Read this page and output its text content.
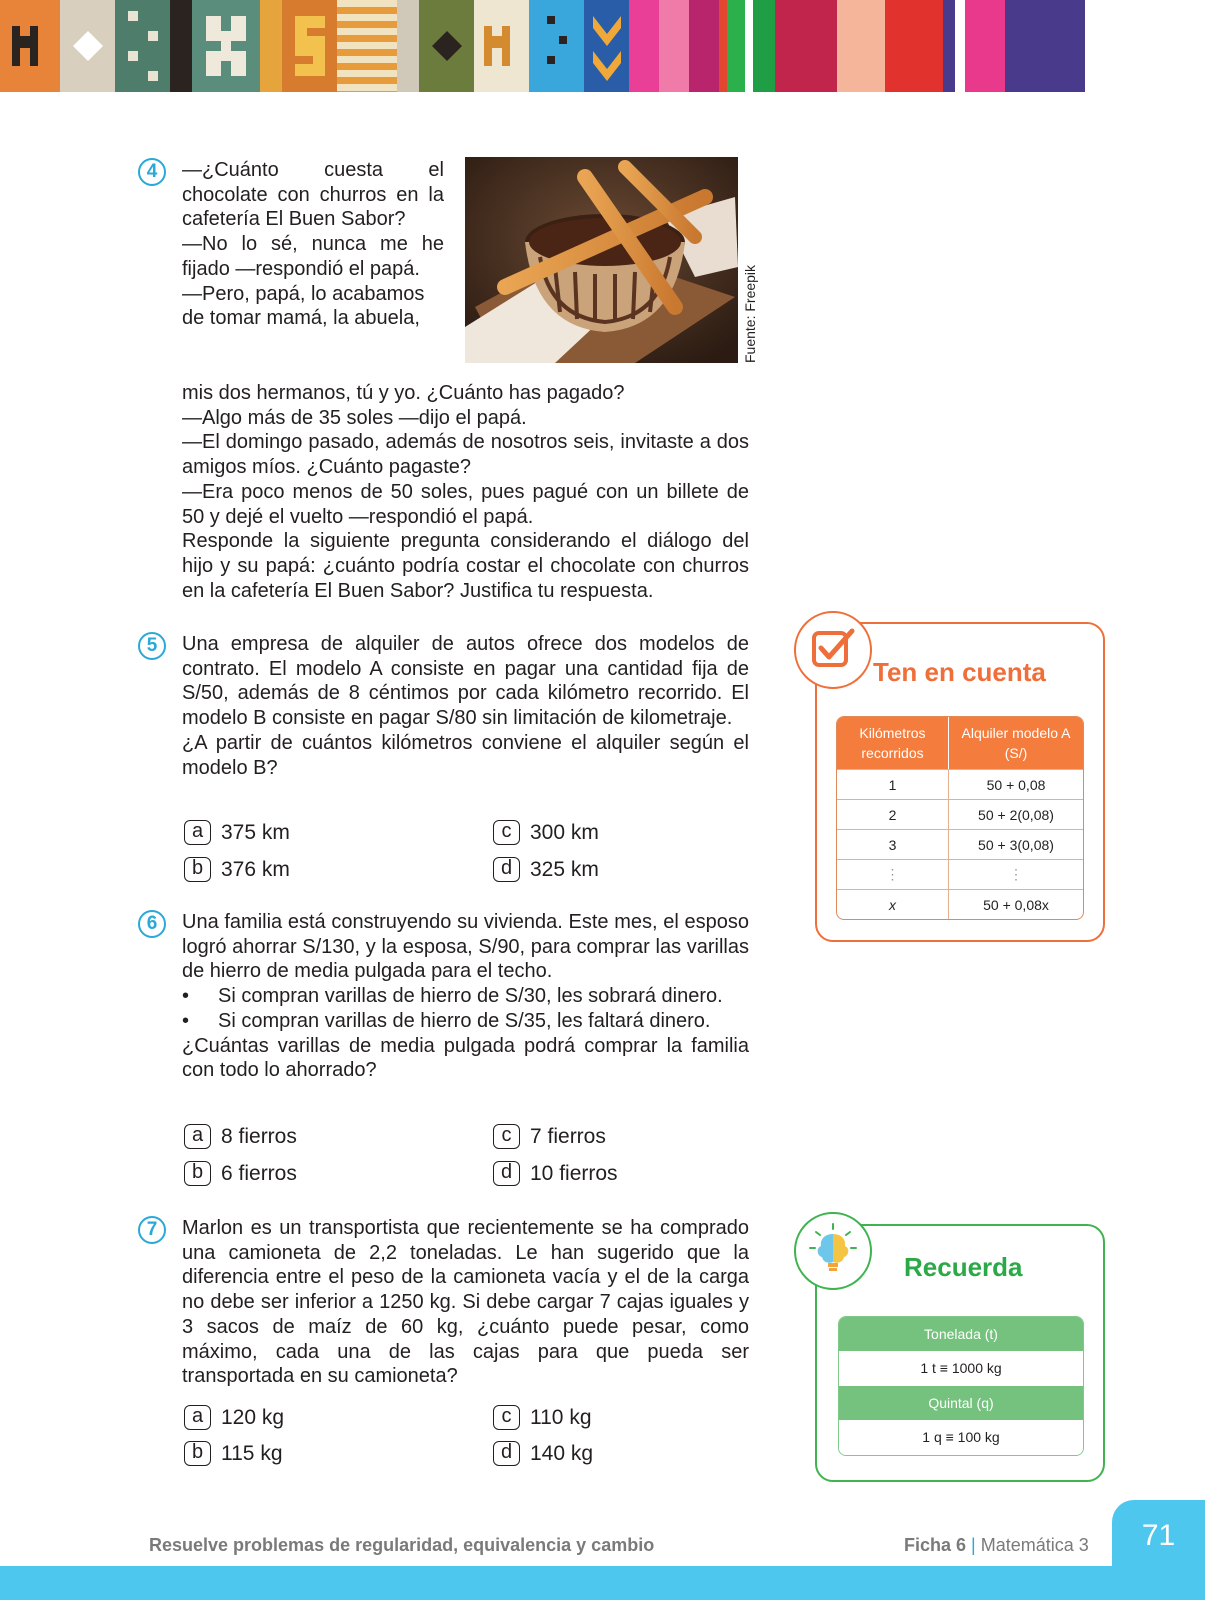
4	—¿Cuánto cuesta el chocolate con churros en la cafetería El Buen Sabor?

—No lo sé, nunca me he fijado —respondió el papá.

—Pero, papá, lo acabamos de tomar mamá, la abuela,	Fuente: Freepik

mis dos hermanos, tú y yo. ¿Cuánto has pagado?

—Algo más de 35 soles —dijo el papá.

—El domingo pasado, además de nosotros seis, invitaste a dos amigos míos. ¿Cuánto pagaste?

—Era poco menos de 50 soles, pues pagué con un billete de 50 y dejé el vuelto —respondió el papá.

Responde la siguiente pregunta considerando el diálogo del hijo y su papá: ¿cuánto podría costar el chocolate con churros en la cafetería El Buen Sabor? Justifica tu respuesta.

5	Una empresa de alquiler de autos ofrece dos modelos de contrato. El modelo A consiste en pagar una cantidad fija de S/50, además de 8 céntimos por cada kilómetro recorrido. El modelo B consiste en pagar S/80 sin limitación de kilometraje.

¿A partir de cuántos kilómetros conviene el alquiler según el modelo B?

a 375 km
b 376 km
c 300 km
d 325 km
6	Una familia está construyendo su vivienda. Este mes, el esposo logró ahorrar S/130, y la esposa, S/90, para comprar las varillas de hierro de media pulgada para el techo.

• Si compran varillas de hierro de S/30, les sobrará dinero.

• Si compran varillas de hierro de S/35, les faltará dinero.

¿Cuántas varillas de media pulgada podrá comprar la familia con todo lo ahorrado?

a 8 fierros
b 6 fierros
c 7 fierros
d 10 fierros
7	Marlon es un transportista que recientemente se ha comprado una camioneta de 2,2 toneladas. Le han sugerido que la diferencia entre el peso de la camioneta vacía y el de la carga no debe ser inferior a 1250 kg. Si debe cargar 7 cajas iguales y 3 sacos de maíz de 60 kg, ¿cuánto puede pesar, como máximo, cada una de las cajas para que pueda ser transportada en su camioneta?

a 120 kg
b 115 kg
c 110 kg
d 140 kg
Ten en cuenta
Kilómetros recorridos	Alquiler modelo A (S/)
1	50 + 0,08
2	50 + 2(0,08)
3	50 + 3(0,08)
⋮	⋮
x	50 + 0,08x
Recuerda
Tonelada (t)
1 t ≡ 1000 kg
Quintal (q)
1 q ≡ 100 kg
71
Resuelve problemas de regularidad, equivalencia y cambio	Ficha 6 | Matemática 3
